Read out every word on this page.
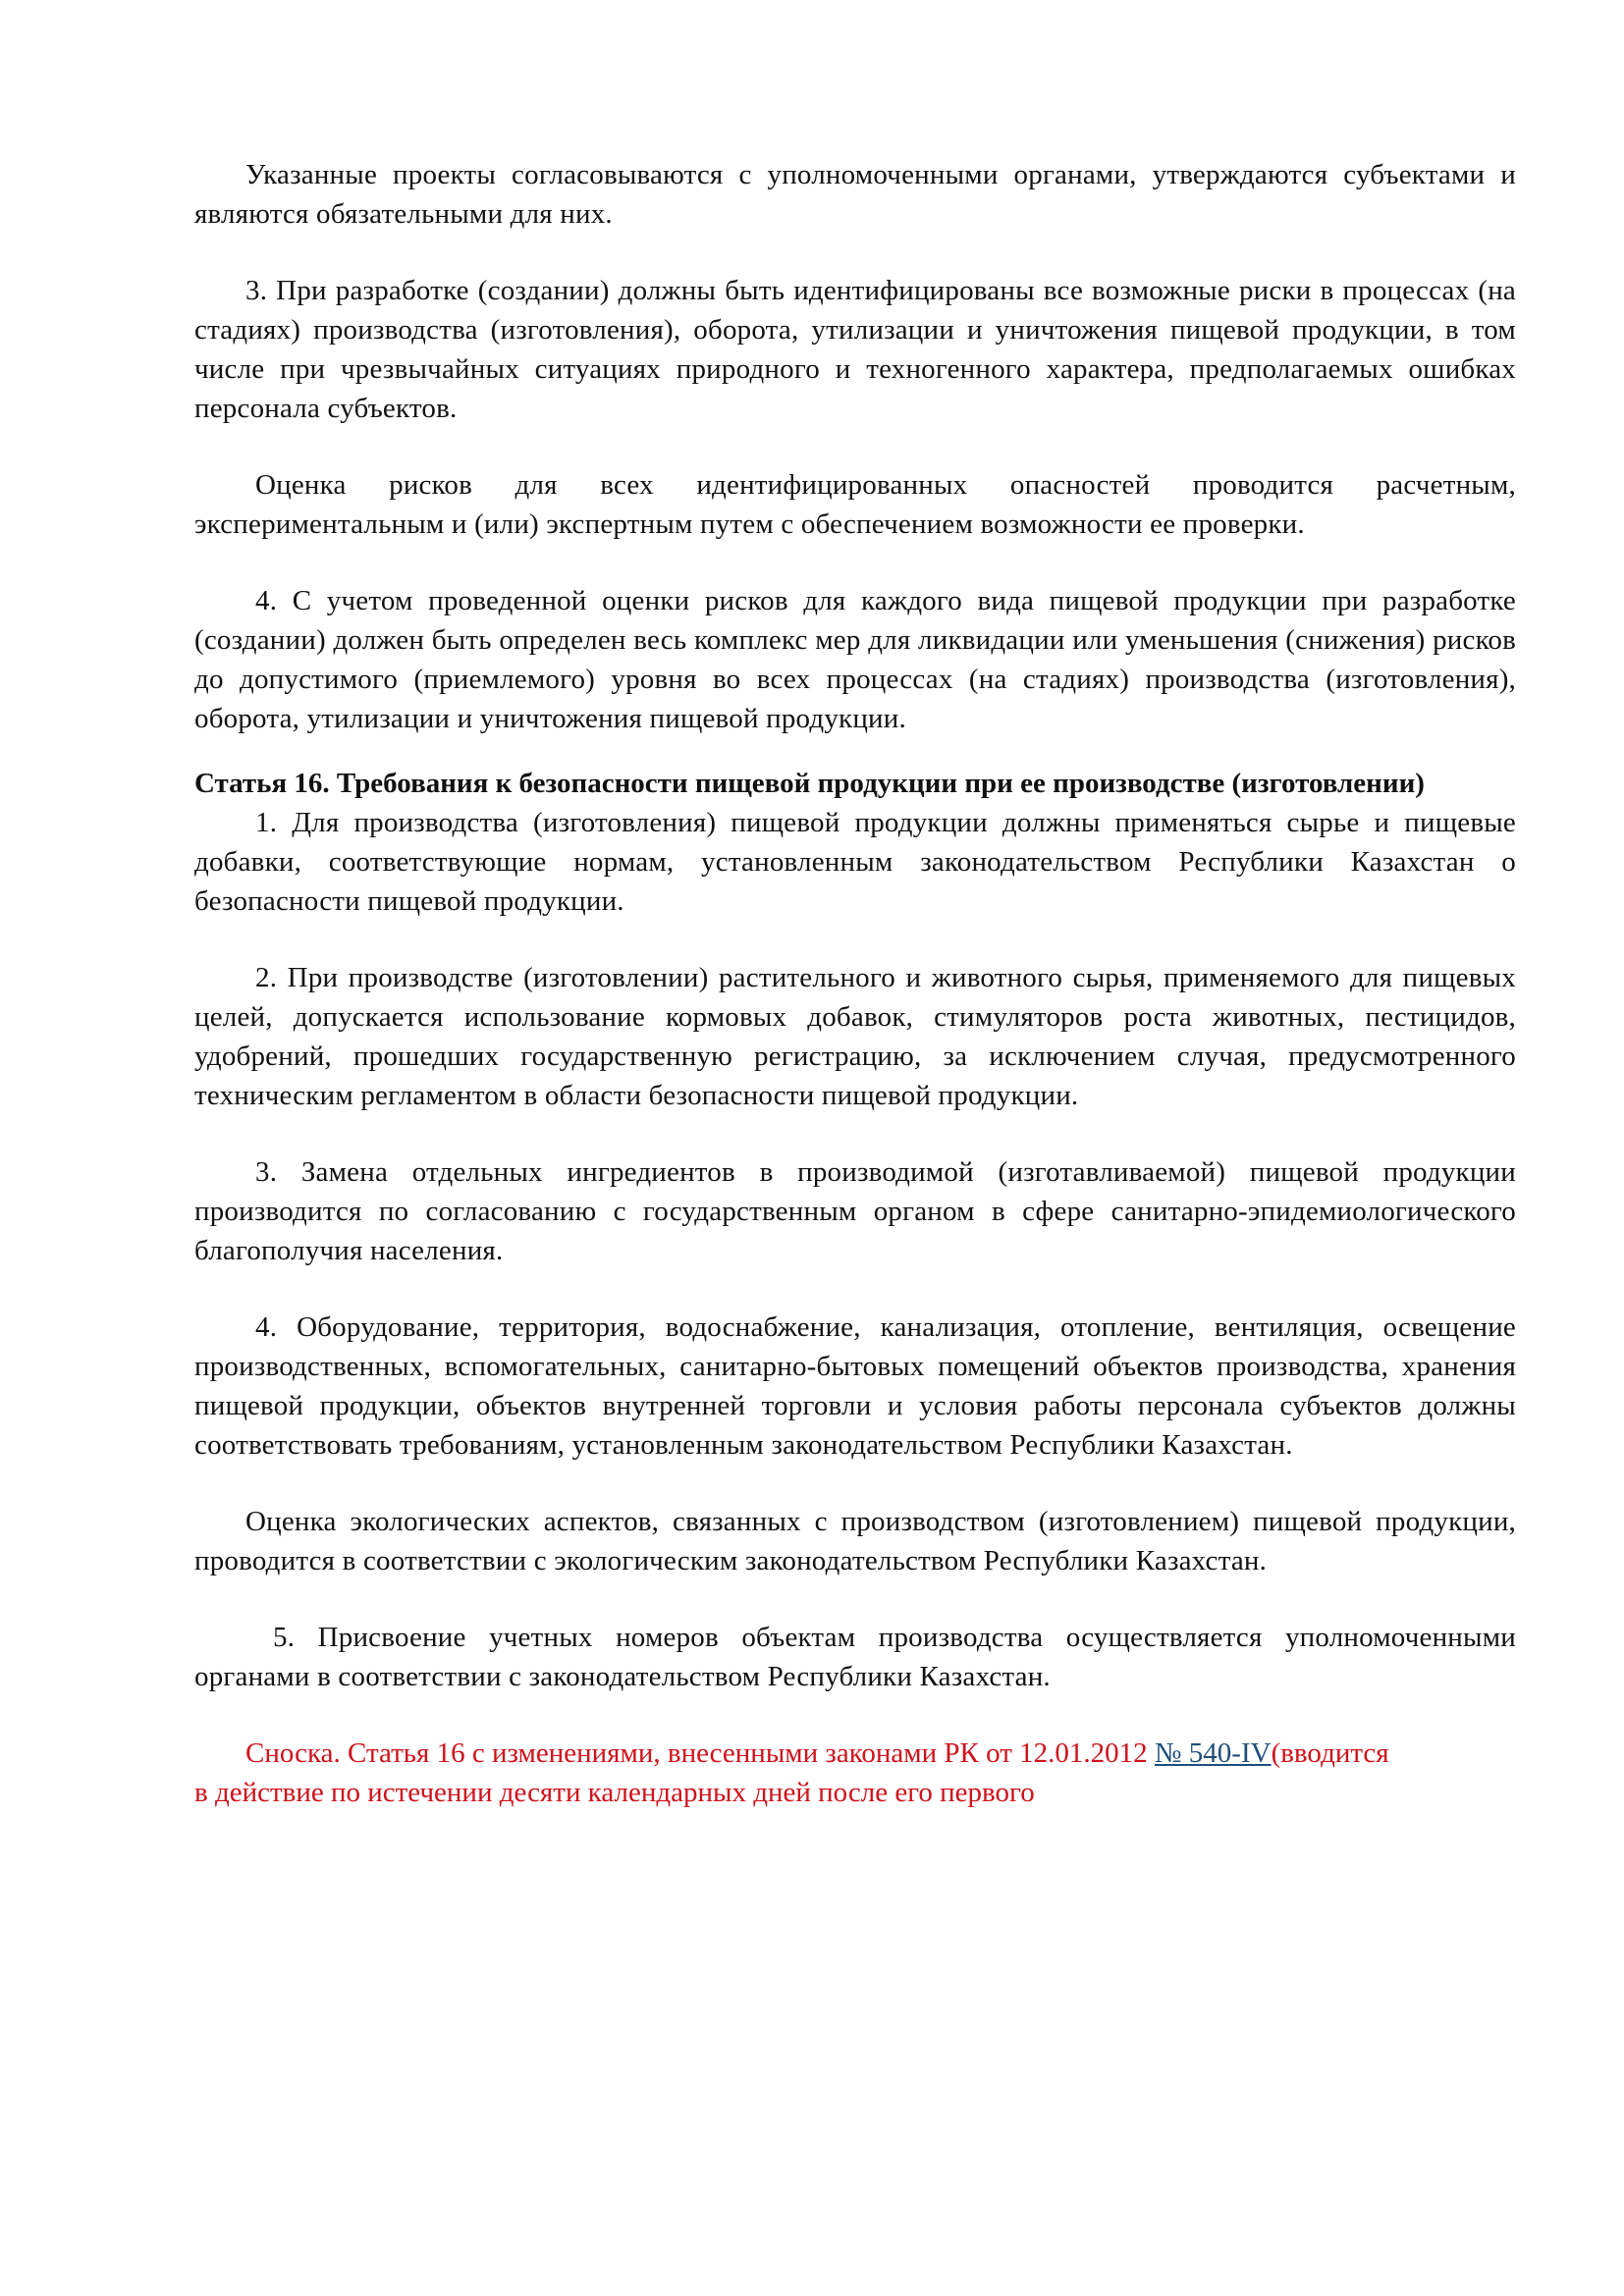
Указанные проекты согласовываются с уполномоченными органами, утверждаются субъектами и являются обязательными для них.

3. При разработке (создании) должны быть идентифицированы все возможные риски в процессах (на стадиях) производства (изготовления), оборота, утилизации и уничтожения пищевой продукции, в том числе при чрезвычайных ситуациях природного и техногенного характера, предполагаемых ошибках персонала субъектов.

Оценка рисков для всех идентифицированных опасностей проводится расчетным, экспериментальным и (или) экспертным путем с обеспечением возможности ее проверки.

4. С учетом проведенной оценки рисков для каждого вида пищевой продукции при разработке (создании) должен быть определен весь комплекс мер для ликвидации или уменьшения (снижения) рисков до допустимого (приемлемого) уровня во всех процессах (на стадиях) производства (изготовления), оборота, утилизации и уничтожения пищевой продукции.

Статья 16. Требования к безопасности пищевой продукции при ее производстве (изготовлении)

1. Для производства (изготовления) пищевой продукции должны применяться сырье и пищевые добавки, соответствующие нормам, установленным законодательством Республики Казахстан о безопасности пищевой продукции.

2. При производстве (изготовлении) растительного и животного сырья, применяемого для пищевых целей, допускается использование кормовых добавок, стимуляторов роста животных, пестицидов, удобрений, прошедших государственную регистрацию, за исключением случая, предусмотренного техническим регламентом в области безопасности пищевой продукции.

3. Замена отдельных ингредиентов в производимой (изготавливаемой) пищевой продукции производится по согласованию с государственным органом в сфере санитарно-эпидемиологического благополучия населения.

4. Оборудование, территория, водоснабжение, канализация, отопление, вентиляция, освещение производственных, вспомогательных, санитарно-бытовых помещений объектов производства, хранения пищевой продукции, объектов внутренней торговли и условия работы персонала субъектов должны соответствовать требованиям, установленным законодательством Республики Казахстан.

Оценка экологических аспектов, связанных с производством (изготовлением) пищевой продукции, проводится в соответствии с экологическим законодательством Республики Казахстан.

5. Присвоение учетных номеров объектам производства осуществляется уполномоченными органами в соответствии с законодательством Республики Казахстан.

Сноска. Статья 16 с изменениями, внесенными законами РК от 12.01.2012 № 540-IV(вводится в действие по истечении десяти календарных дней после его первого
